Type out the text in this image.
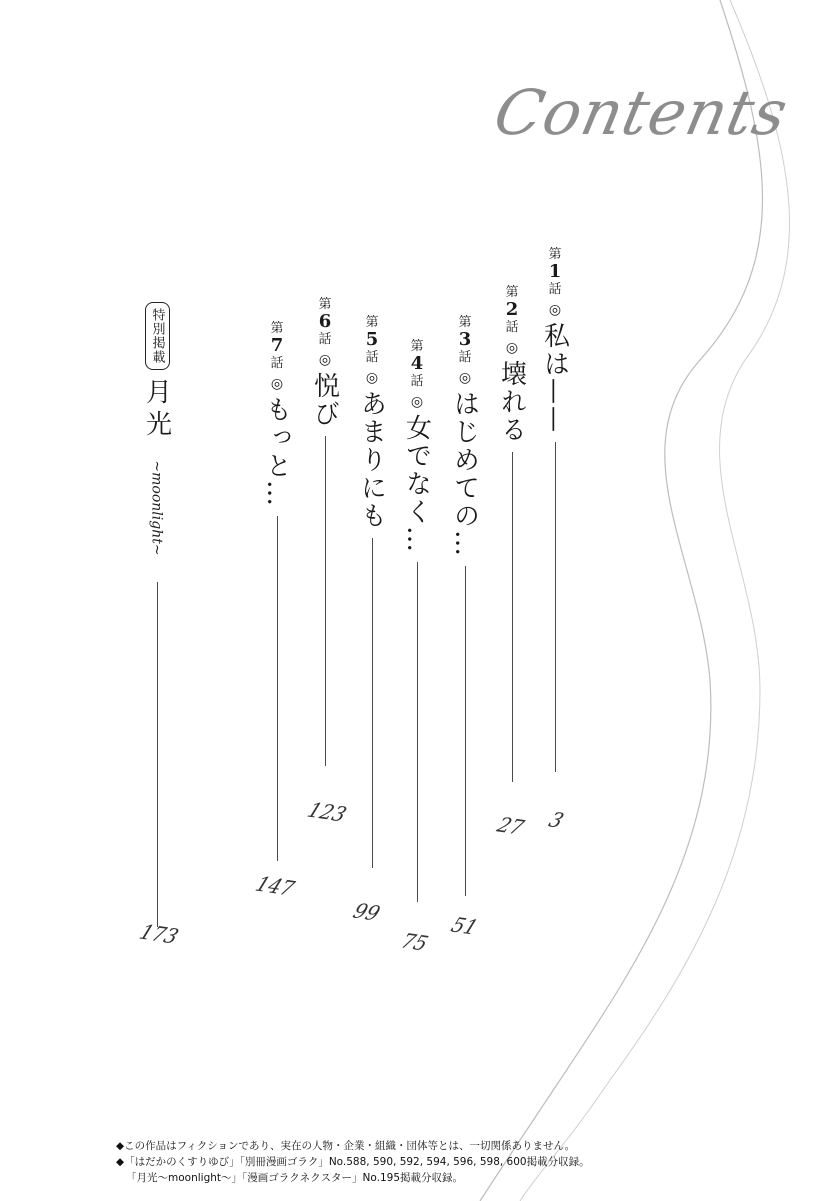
Contents
第
1
話
◎
私は——
3
第
2
話
◎
壊れる
27
第
3
話
◎
はじめての…
51
第
4
話
◎
女でなく…
75
第
5
話
◎
あまりにも
99
第
6
話
◎
悦び
123
第
7
話
◎
もっと…
147
特別掲載
月光
~moonlight~
173
◆この作品はフィクションであり、実在の人物・企業・組織・団体等とは、一切関係ありません。
◆「はだかのくすりゆび」「別冊漫画ゴラク」No.588, 590, 592, 594, 596, 598, 600掲載分収録。
「月光～moonlight～」「漫画ゴラクネクスター」No.195掲載分収録。
